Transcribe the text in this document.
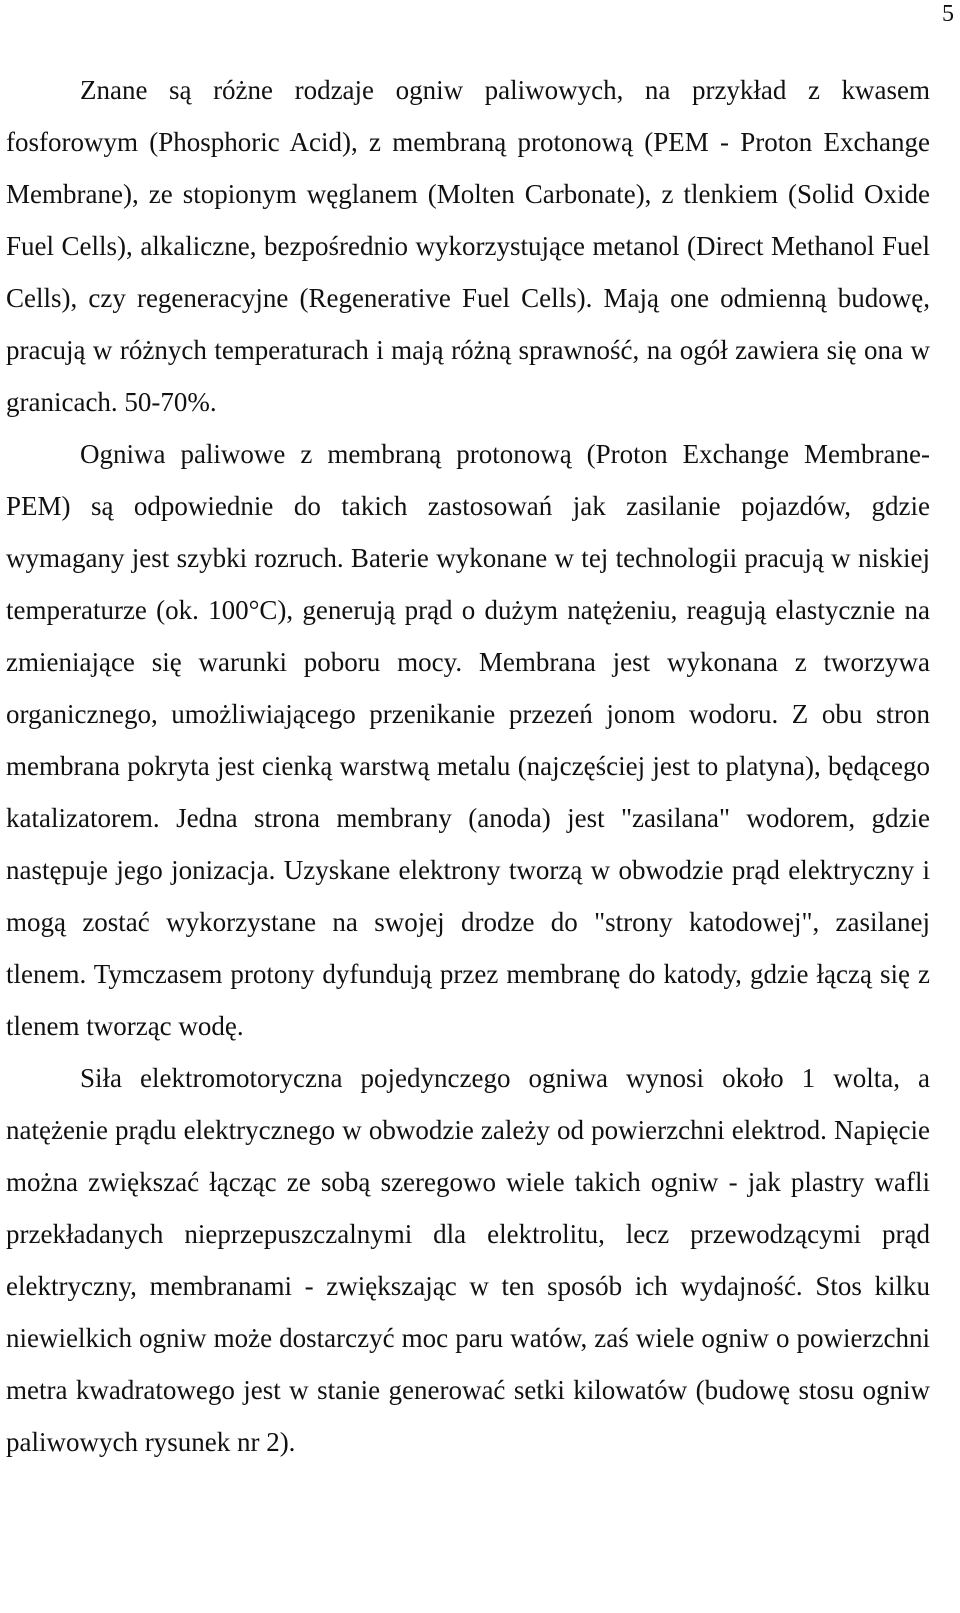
5

Znane są różne rodzaje ogniw paliwowych, na przykład z kwasem fosforowym (Phosphoric Acid), z membraną protonową (PEM - Proton Exchange Membrane), ze stopionym węglanem (Molten Carbonate), z tlenkiem (Solid Oxide Fuel Cells), alkaliczne, bezpośrednio wykorzystujące metanol (Direct Methanol Fuel Cells), czy regeneracyjne (Regenerative Fuel Cells). Mają one odmienną budowę, pracują w różnych temperaturach i mają różną sprawność, na ogół zawiera się ona w granicach. 50-70%.

Ogniwa paliwowe z membraną protonową (Proton Exchange Membrane-PEM) są odpowiednie do takich zastosowań jak zasilanie pojazdów, gdzie wymagany jest szybki rozruch. Baterie wykonane w tej technologii pracują w niskiej temperaturze (ok. 100°C), generują prąd o dużym natężeniu, reagują elastycznie na zmieniające się warunki poboru mocy. Membrana jest wykonana z tworzywa organicznego, umożliwiającego przenikanie przezeń jonom wodoru. Z obu stron membrana pokryta jest cienką warstwą metalu (najczęściej jest to platyna), będącego katalizatorem. Jedna strona membrany (anoda) jest "zasilana" wodorem, gdzie następuje jego jonizacja. Uzyskane elektrony tworzą w obwodzie prąd elektryczny i mogą zostać wykorzystane na swojej drodze do "strony katodowej", zasilanej tlenem. Tymczasem protony dyfundują przez membranę do katody, gdzie łączą się z tlenem tworząc wodę.

Siła elektromotoryczna pojedynczego ogniwa wynosi około 1 wolta, a natężenie prądu elektrycznego w obwodzie zależy od powierzchni elektrod. Napięcie można zwiększać łącząc ze sobą szeregowo wiele takich ogniw - jak plastry wafli przekładanych nieprzepuszczalnymi dla elektrolitu, lecz przewodzącymi prąd elektryczny, membranami - zwiększając w ten sposób ich wydajność. Stos kilku niewielkich ogniw może dostarczyć moc paru watów, zaś wiele ogniw o powierzchni metra kwadratowego jest w stanie generować setki kilowatów (budowę stosu ogniw paliwowych rysunek nr 2).
